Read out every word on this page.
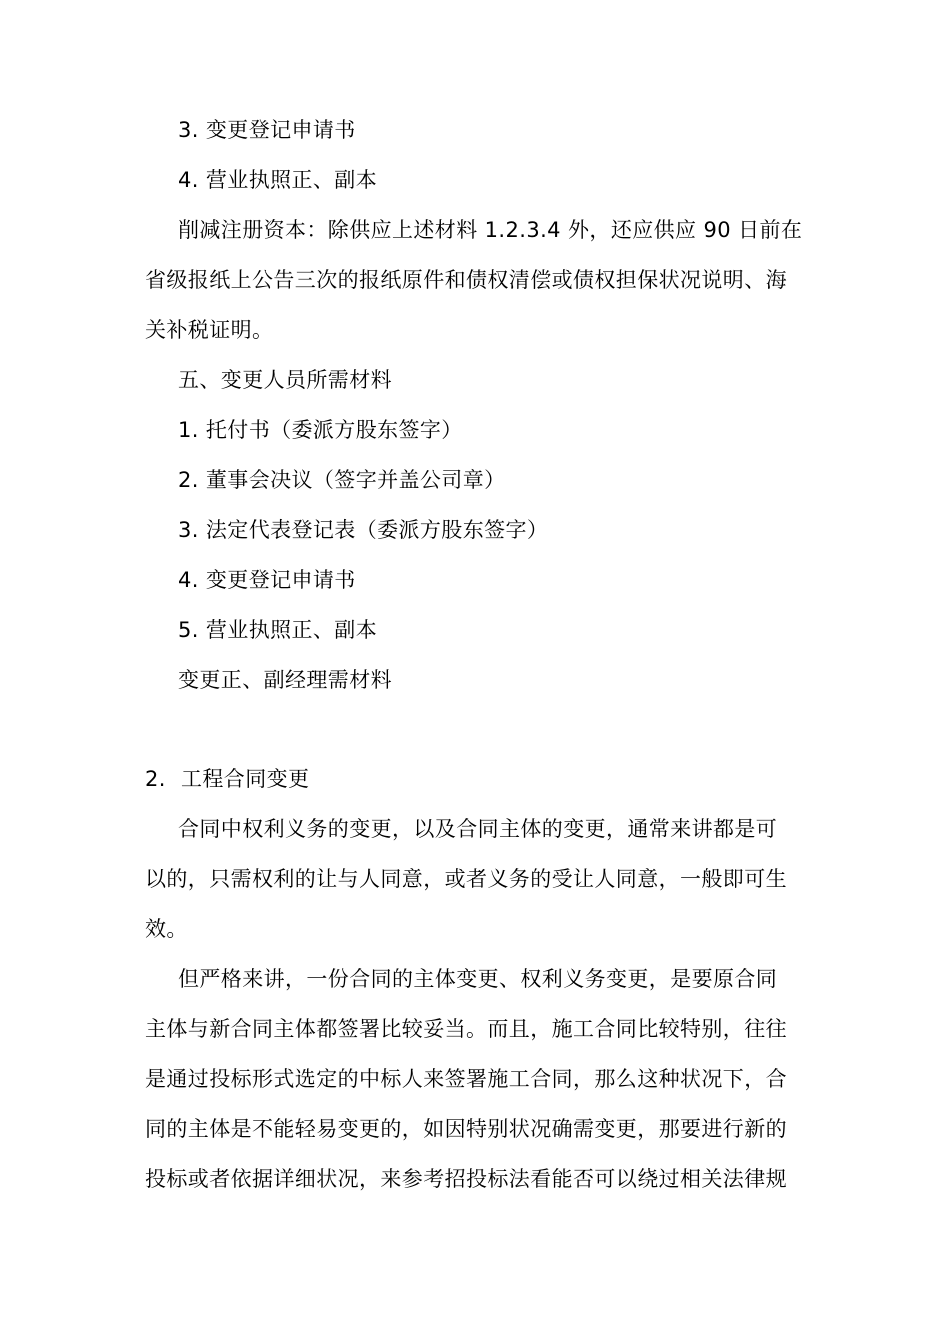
3. 变更登记申请书
4. 营业执照正、副本
削减注册资本：除供应上述材料 1.2.3.4 外，还应供应 90 日前在
省级报纸上公告三次的报纸原件和债权清偿或债权担保状况说明、海
关补税证明。
五、变更人员所需材料
1. 托付书（委派方股东签字）
2. 董事会决议（签字并盖公司章）
3. 法定代表登记表（委派方股东签字）
4. 变更登记申请书
5. 营业执照正、副本
变更正、副经理需材料
2. 工程合同变更
合同中权利义务的变更，以及合同主体的变更，通常来讲都是可
以的，只需权利的让与人同意，或者义务的受让人同意，一般即可生
效。
但严格来讲，一份合同的主体变更、权利义务变更，是要原合同
主体与新合同主体都签署比较妥当。而且，施工合同比较特别，往往
是通过投标形式选定的中标人来签署施工合同，那么这种状况下，合
同的主体是不能轻易变更的，如因特别状况确需变更，那要进行新的
投标或者依据详细状况，来参考招投标法看能否可以绕过相关法律规
